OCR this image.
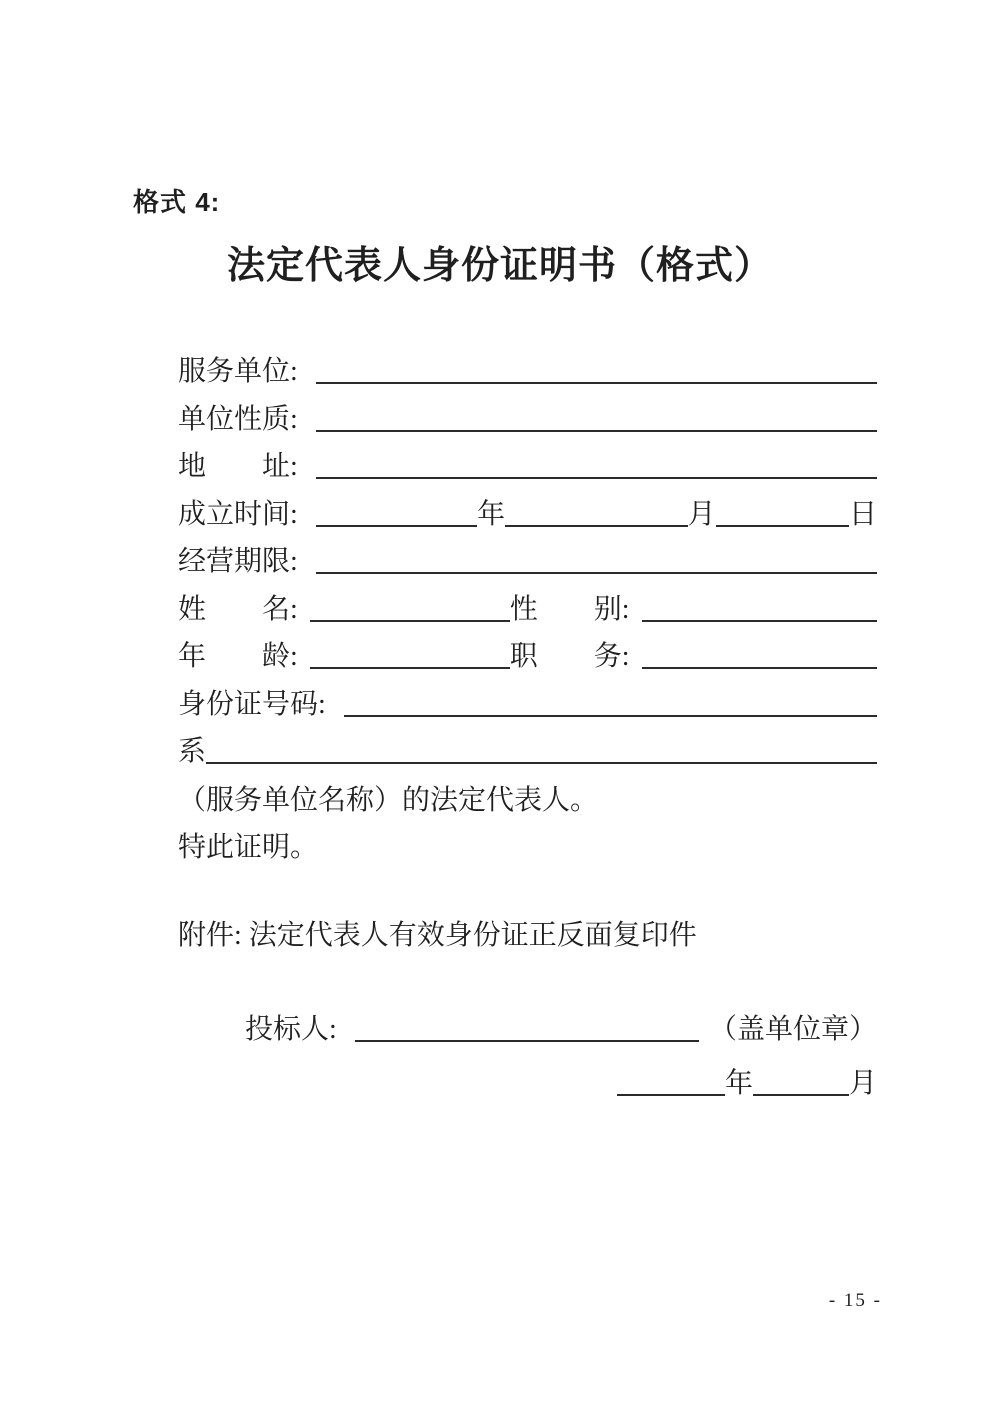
格式 4:
法定代表人身份证明书（格式）
服务单位:
单位性质:
地　　址:
成立时间:	年	月	日
经营期限:
姓　　名:	性　　别:
年　　龄:	职　　务:
身份证号码:
系
（服务单位名称）的法定代表人。
特此证明。
附件: 法定代表人有效身份证正反面复印件
投标人:	（盖单位章）
年	月
- 15 -
